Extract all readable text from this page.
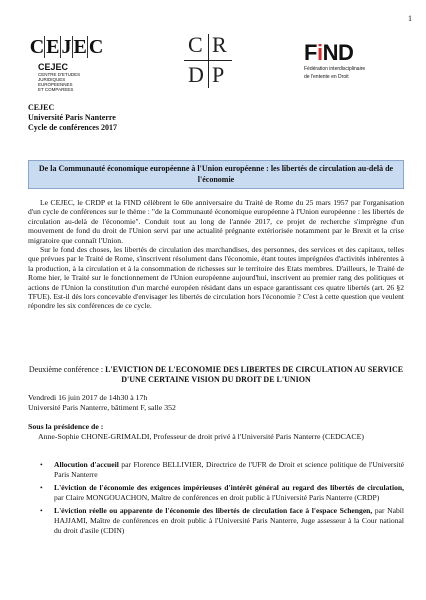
1
C E J E C
CEJEC
CENTRE D'ETUDES
JURIDIQUES
EUROPEENNES
ET COMPAREES
C R
D P
FiND
Fédération interdisciplinaire
de l'entente en Droit
CEJEC
Université Paris Nanterre
Cycle de conférences 2017
De la Communauté économique européenne à l'Union européenne : les libertés de circulation au-delà de l'économie

Le CEJEC, le CRDP et la FIND célèbrent le 60e anniversaire du Traité de Rome du 25 mars 1957 par l'organisation d'un cycle de conférences sur le thème : "de la Communauté économique européenne à l'Union européenne : les libertés de circulation au-delà de l'économie". Conduit tout au long de l'année 2017, ce projet de recherche s'imprègne d'un mouvement de fond du droit de l'Union servi par une actualité prégnante extériorisée notamment par le Brexit et la crise migratoire que connaît l'Union.

Sur le fond des choses, les libertés de circulation des marchandises, des personnes, des services et des capitaux, telles que prévues par le Traité de Rome, s'inscrivent résolument dans l'économie, étant toutes imprégnées d'activités inhérentes à la production, à la circulation et à la consommation de richesses sur le territoire des Etats membres. D'ailleurs, le Traité de Rome hier, le Traité sur le fonctionnement de l'Union européenne aujourd'hui, inscrivent au premier rang des politiques et actions de l'Union la constitution d'un marché européen résidant dans un espace garantissant ces quatre libertés (art. 26 §2 TFUE). Est-il dès lors concevable d'envisager les libertés de circulation hors l'économie ? C'est à cette question que veulent répondre les six conférences de ce cycle.

Deuxième conférence : L'EVICTION DE L'ECONOMIE DES LIBERTES DE CIRCULATION AU SERVICE D'UNE CERTAINE VISION DU DROIT DE L'UNION
Vendredi 16 juin 2017 de 14h30 à 17h
Université Paris Nanterre, bâtiment F, salle 352
Sous la présidence de :
Anne-Sophie CHONE-GRIMALDI, Professeur de droit privé à l'Université Paris Nanterre (CEDCACE)
• Allocution d'accueil par Florence BELLIVIER, Directrice de l'UFR de Droit et science politique de l'Université Paris Nanterre
• L'éviction de l'économie des exigences impérieuses d'intérêt général au regard des libertés de circulation, par Claire MONGOUACHON, Maître de conférences en droit public à l'Université Paris Nanterre (CRDP)
• L'éviction réelle ou apparente de l'économie des libertés de circulation face à l'espace Schengen, par Nabil HAJJAMI, Maître de conférences en droit public à l'Université Paris Nanterre, Juge assesseur à la Cour national du droit d'asile (CDIN)
